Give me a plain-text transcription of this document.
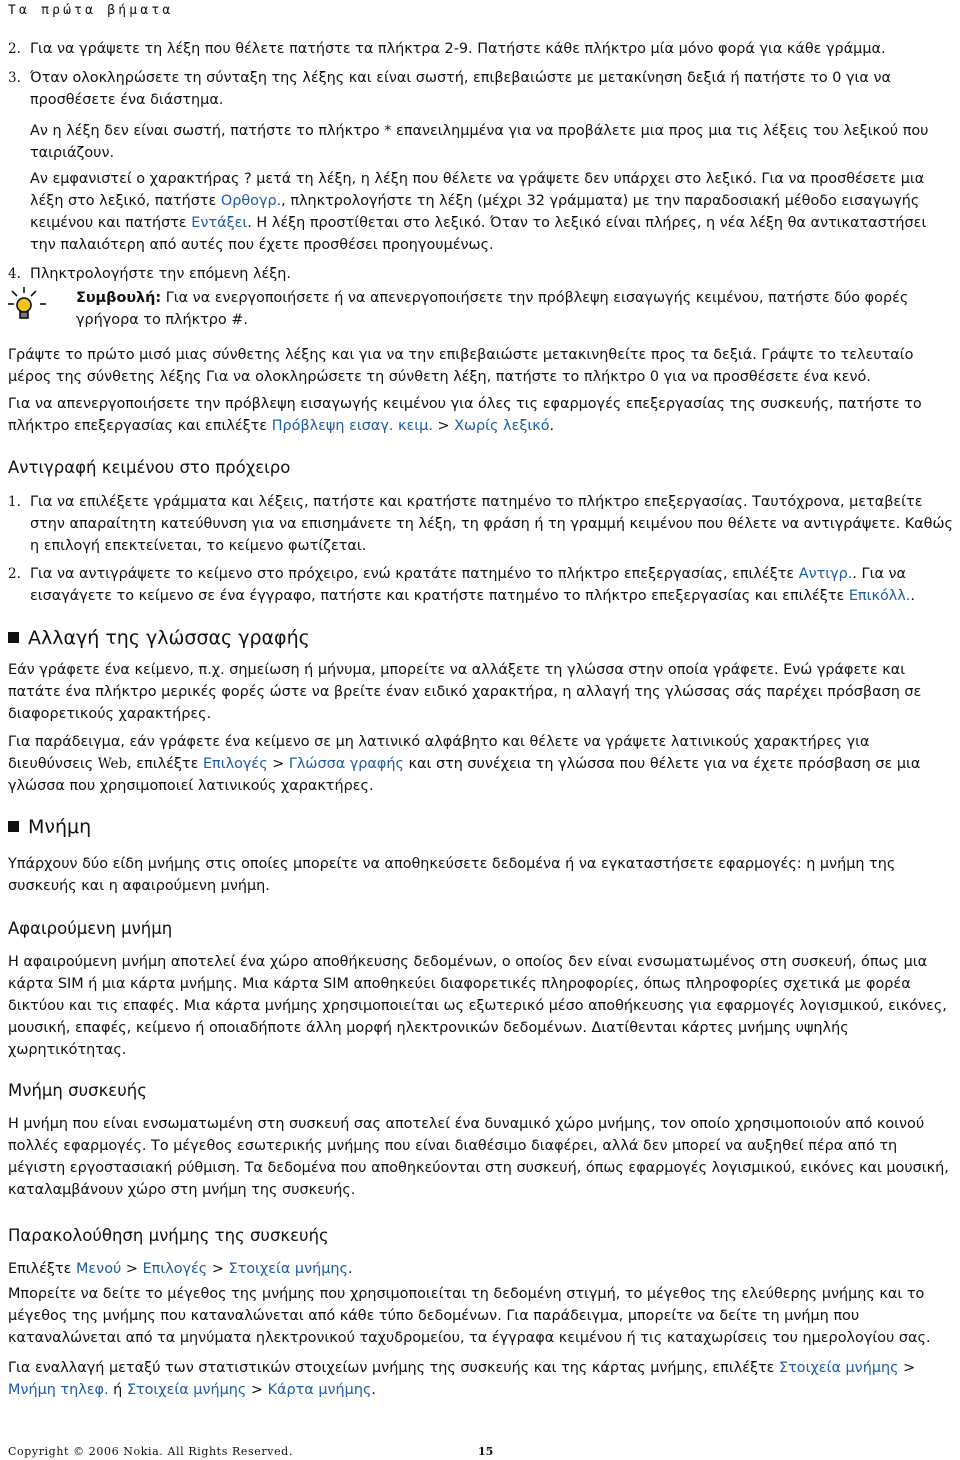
Τα πρώτα βήματα
2. Για να γράψετε τη λέξη που θέλετε πατήστε τα πλήκτρα 2-9. Πατήστε κάθε πλήκτρο μία μόνο φορά για κάθε γράμμα.

3. Όταν ολοκληρώσετε τη σύνταξη της λέξης και είναι σωστή, επιβεβαιώστε με μετακίνηση δεξιά ή πατήστε το 0 για να προσθέσετε ένα διάστημα.

Αν η λέξη δεν είναι σωστή, πατήστε το πλήκτρο * επανειλημμένα για να προβάλετε μια προς μια τις λέξεις του λεξικού που ταιριάζουν.

Αν εμφανιστεί ο χαρακτήρας ? μετά τη λέξη, η λέξη που θέλετε να γράψετε δεν υπάρχει στο λεξικό. Για να προσθέσετε μια λέξη στο λεξικό, πατήστε Ορθογρ., πληκτρολογήστε τη λέξη (μέχρι 32 γράμματα) με την παραδοσιακή μέθοδο εισαγωγής κειμένου και πατήστε Εντάξει. Η λέξη προστίθεται στο λεξικό. Όταν το λεξικό είναι πλήρες, η νέα λέξη θα αντικαταστήσει την παλαιότερη από αυτές που έχετε προσθέσει προηγουμένως.

4. Πληκτρολογήστε την επόμενη λέξη.

Συμβουλή: Για να ενεργοποιήσετε ή να απενεργοποιήσετε την πρόβλεψη εισαγωγής κειμένου, πατήστε δύο φορές γρήγορα το πλήκτρο #.

Γράψτε το πρώτο μισό μιας σύνθετης λέξης και για να την επιβεβαιώστε μετακινηθείτε προς τα δεξιά. Γράψτε το τελευταίο μέρος της σύνθετης λέξης Για να ολοκληρώσετε τη σύνθετη λέξη, πατήστε το πλήκτρο 0 για να προσθέσετε ένα κενό.

Για να απενεργοποιήσετε την πρόβλεψη εισαγωγής κειμένου για όλες τις εφαρμογές επεξεργασίας της συσκευής, πατήστε το πλήκτρο επεξεργασίας και επιλέξτε Πρόβλεψη εισαγ. κειμ. > Χωρίς λεξικό.

Αντιγραφή κειμένου στο πρόχειρο
1. Για να επιλέξετε γράμματα και λέξεις, πατήστε και κρατήστε πατημένο το πλήκτρο επεξεργασίας. Ταυτόχρονα, μεταβείτε στην απαραίτητη κατεύθυνση για να επισημάνετε τη λέξη, τη φράση ή τη γραμμή κειμένου που θέλετε να αντιγράψετε. Καθώς η επιλογή επεκτείνεται, το κείμενο φωτίζεται.

2. Για να αντιγράψετε το κείμενο στο πρόχειρο, ενώ κρατάτε πατημένο το πλήκτρο επεξεργασίας, επιλέξτε Αντιγρ.. Για να εισαγάγετε το κείμενο σε ένα έγγραφο, πατήστε και κρατήστε πατημένο το πλήκτρο επεξεργασίας και επιλέξτε Επικόλλ..

Αλλαγή της γλώσσας γραφής

Εάν γράφετε ένα κείμενο, π.χ. σημείωση ή μήνυμα, μπορείτε να αλλάξετε τη γλώσσα στην οποία γράφετε. Ενώ γράφετε και πατάτε ένα πλήκτρο μερικές φορές ώστε να βρείτε έναν ειδικό χαρακτήρα, η αλλαγή της γλώσσας σάς παρέχει πρόσβαση σε διαφορετικούς χαρακτήρες.

Για παράδειγμα, εάν γράφετε ένα κείμενο σε μη λατινικό αλφάβητο και θέλετε να γράψετε λατινικούς χαρακτήρες για διευθύνσεις Web, επιλέξτε Επιλογές > Γλώσσα γραφής και στη συνέχεια τη γλώσσα που θέλετε για να έχετε πρόσβαση σε μια γλώσσα που χρησιμοποιεί λατινικούς χαρακτήρες.

Μνήμη

Υπάρχουν δύο είδη μνήμης στις οποίες μπορείτε να αποθηκεύσετε δεδομένα ή να εγκαταστήσετε εφαρμογές: η μνήμη της συσκευής και η αφαιρούμενη μνήμη.

Αφαιρούμενη μνήμη

Η αφαιρούμενη μνήμη αποτελεί ένα χώρο αποθήκευσης δεδομένων, ο οποίος δεν είναι ενσωματωμένος στη συσκευή, όπως μια κάρτα SIM ή μια κάρτα μνήμης. Μια κάρτα SIM αποθηκεύει διαφορετικές πληροφορίες, όπως πληροφορίες σχετικά με φορέα δικτύου και τις επαφές. Μια κάρτα μνήμης χρησιμοποιείται ως εξωτερικό μέσο αποθήκευσης για εφαρμογές λογισμικού, εικόνες, μουσική, επαφές, κείμενο ή οποιαδήποτε άλλη μορφή ηλεκτρονικών δεδομένων. Διατίθενται κάρτες μνήμης υψηλής χωρητικότητας.

Μνήμη συσκευής

Η μνήμη που είναι ενσωματωμένη στη συσκευή σας αποτελεί ένα δυναμικό χώρο μνήμης, τον οποίο χρησιμοποιούν από κοινού πολλές εφαρμογές. Το μέγεθος εσωτερικής μνήμης που είναι διαθέσιμο διαφέρει, αλλά δεν μπορεί να αυξηθεί πέρα από τη μέγιστη εργοστασιακή ρύθμιση. Τα δεδομένα που αποθηκεύονται στη συσκευή, όπως εφαρμογές λογισμικού, εικόνες και μουσική, καταλαμβάνουν χώρο στη μνήμη της συσκευής.

Παρακολούθηση μνήμης της συσκευής

Επιλέξτε Μενού > Επιλογές > Στοιχεία μνήμης.

Μπορείτε να δείτε το μέγεθος της μνήμης που χρησιμοποιείται τη δεδομένη στιγμή, το μέγεθος της ελεύθερης μνήμης και το μέγεθος της μνήμης που καταναλώνεται από κάθε τύπο δεδομένων. Για παράδειγμα, μπορείτε να δείτε τη μνήμη που καταναλώνεται από τα μηνύματα ηλεκτρονικού ταχυδρομείου, τα έγγραφα κειμένου ή τις καταχωρίσεις του ημερολογίου σας.

Για εναλλαγή μεταξύ των στατιστικών στοιχείων μνήμης της συσκευής και της κάρτας μνήμης, επιλέξτε Στοιχεία μνήμης > Μνήμη τηλεφ. ή Στοιχεία μνήμης > Κάρτα μνήμης.

Copyright © 2006 Nokia. All Rights Reserved.	15
